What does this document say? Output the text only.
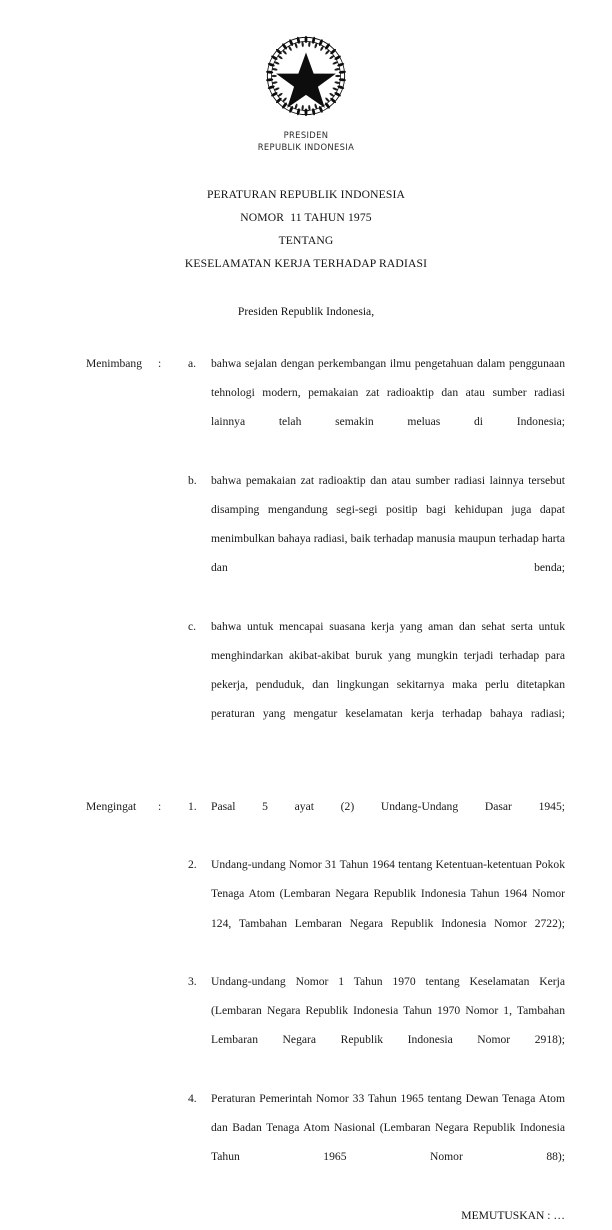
PRESIDEN
REPUBLIK INDONESIA
PERATURAN REPUBLIK INDONESIA
NOMOR  11 TAHUN 1975
TENTANG
KESELAMATAN KERJA TERHADAP RADIASI
Presiden Republik Indonesia,
Menimbang	:	a.	bahwa sejalan dengan perkembangan ilmu pengetahuan dalam penggunaan tehnologi modern, pemakaian zat radioaktip dan atau sumber radiasi lainnya telah semakin meluas di Indonesia;
b.	bahwa pemakaian zat radioaktip dan atau sumber radiasi lainnya tersebut disamping mengandung segi-segi positip bagi kehidupan juga dapat menimbulkan bahaya radiasi, baik terhadap manusia maupun terhadap harta dan benda;
c.	bahwa untuk mencapai suasana kerja yang aman dan sehat serta untuk menghindarkan akibat-akibat buruk yang mungkin terjadi terhadap para pekerja, penduduk, dan lingkungan sekitarnya maka perlu ditetapkan peraturan yang mengatur keselamatan kerja terhadap bahaya radiasi;
Mengingat	:	1.	Pasal 5 ayat (2) Undang-Undang Dasar 1945;
2.	Undang-undang Nomor 31 Tahun 1964 tentang Ketentuan-ketentuan Pokok Tenaga Atom (Lembaran Negara Republik Indonesia Tahun 1964 Nomor 124, Tambahan Lembaran Negara Republik Indonesia Nomor 2722);
3.	Undang-undang Nomor 1 Tahun 1970 tentang Keselamatan Kerja (Lembaran Negara Republik Indonesia Tahun 1970 Nomor 1, Tambahan Lembaran Negara Republik Indonesia Nomor 2918);
4.	Peraturan Pemerintah Nomor 33 Tahun 1965 tentang Dewan Tenaga Atom dan Badan Tenaga Atom Nasional (Lembaran Negara Republik Indonesia Tahun 1965 Nomor 88);
MEMUTUSKAN : …
